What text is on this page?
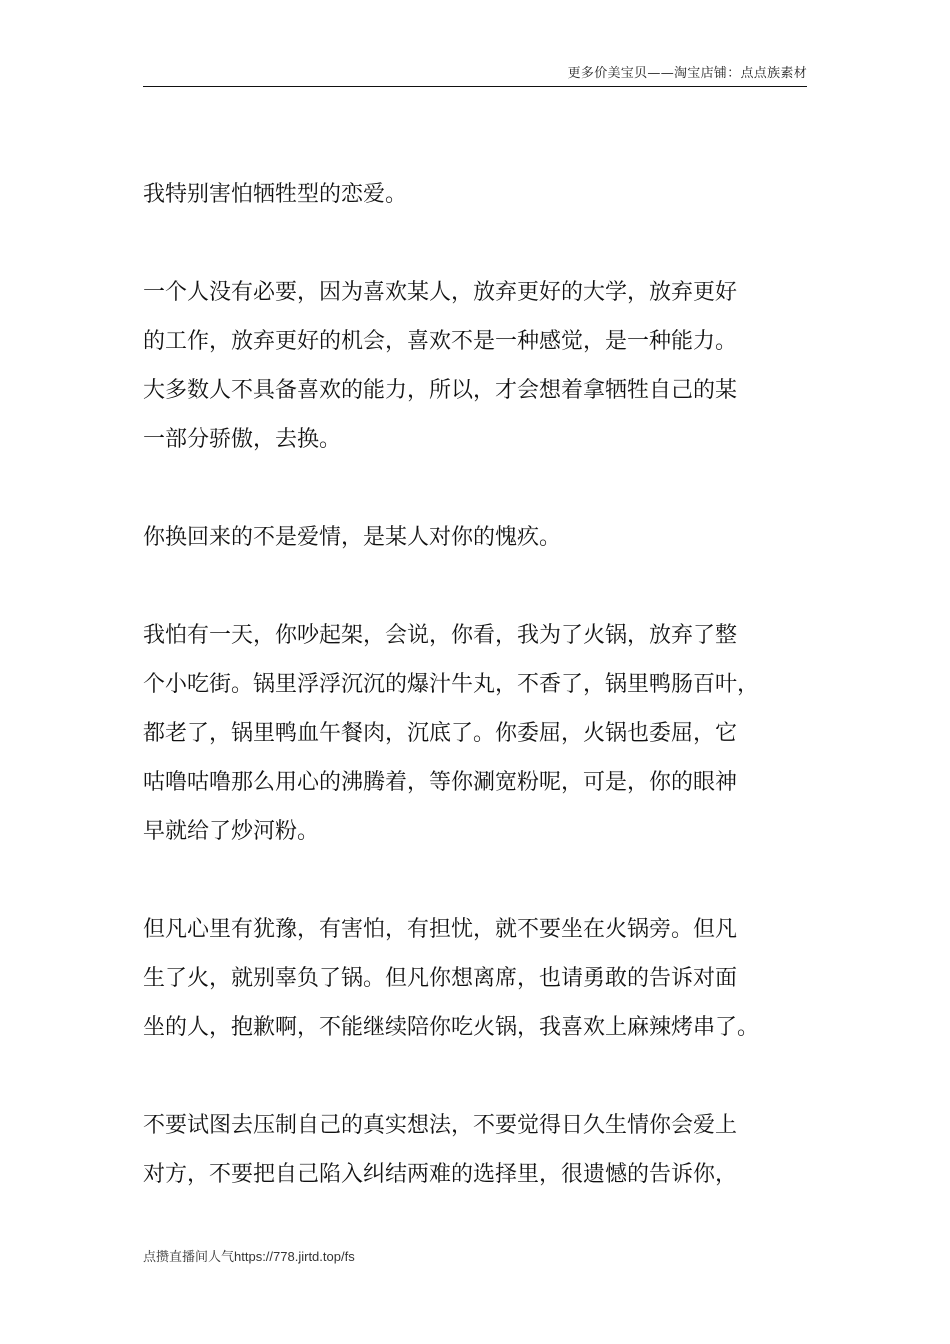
更多价美宝贝——淘宝店铺：点点族素材

我特别害怕牺牲型的恋爱。

一个人没有必要，因为喜欢某人，放弃更好的大学，放弃更好
的工作，放弃更好的机会，喜欢不是一种感觉，是一种能力。
大多数人不具备喜欢的能力，所以，才会想着拿牺牲自己的某
一部分骄傲，去换。

你换回来的不是爱情，是某人对你的愧疚。

我怕有一天，你吵起架，会说，你看，我为了火锅，放弃了整
个小吃街。锅里浮浮沉沉的爆汁牛丸，不香了，锅里鸭肠百叶，
都老了，锅里鸭血午餐肉，沉底了。你委屈，火锅也委屈，它
咕噜咕噜那么用心的沸腾着，等你涮宽粉呢，可是，你的眼神
早就给了炒河粉。

但凡心里有犹豫，有害怕，有担忧，就不要坐在火锅旁。但凡
生了火，就别辜负了锅。但凡你想离席，也请勇敢的告诉对面
坐的人，抱歉啊，不能继续陪你吃火锅，我喜欢上麻辣烤串了。

不要试图去压制自己的真实想法，不要觉得日久生情你会爱上
对方，不要把自己陷入纠结两难的选择里，很遗憾的告诉你，

点攒直播间人气https://778.jirtd.top/fs
